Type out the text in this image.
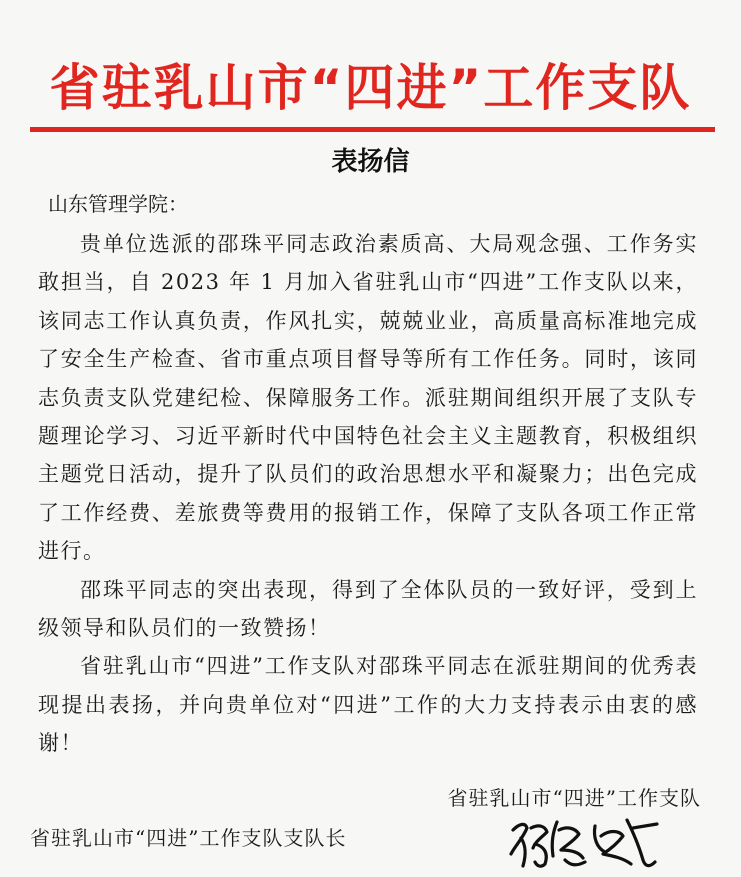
省驻乳山市“四进”工作支队
表扬信
山东管理学院：

贵单位选派的邵珠平同志政治素质高、大局观念强、工作务实敢担当，自 2023 年 1 月加入省驻乳山市“四进”工作支队以来，该同志工作认真负责，作风扎实，兢兢业业，高质量高标准地完成了安全生产检查、省市重点项目督导等所有工作任务。同时，该同志负责支队党建纪检、保障服务工作。派驻期间组织开展了支队专题理论学习、习近平新时代中国特色社会主义主题教育，积极组织主题党日活动，提升了队员们的政治思想水平和凝聚力；出色完成了工作经费、差旅费等费用的报销工作，保障了支队各项工作正常进行。

邵珠平同志的突出表现，得到了全体队员的一致好评，受到上级领导和队员们的一致赞扬！

省驻乳山市“四进”工作支队对邵珠平同志在派驻期间的优秀表现提出表扬，并向贵单位对“四进”工作的大力支持表示由衷的感谢！

省驻乳山市“四进”工作支队
省驻乳山市“四进”工作支队支队长
